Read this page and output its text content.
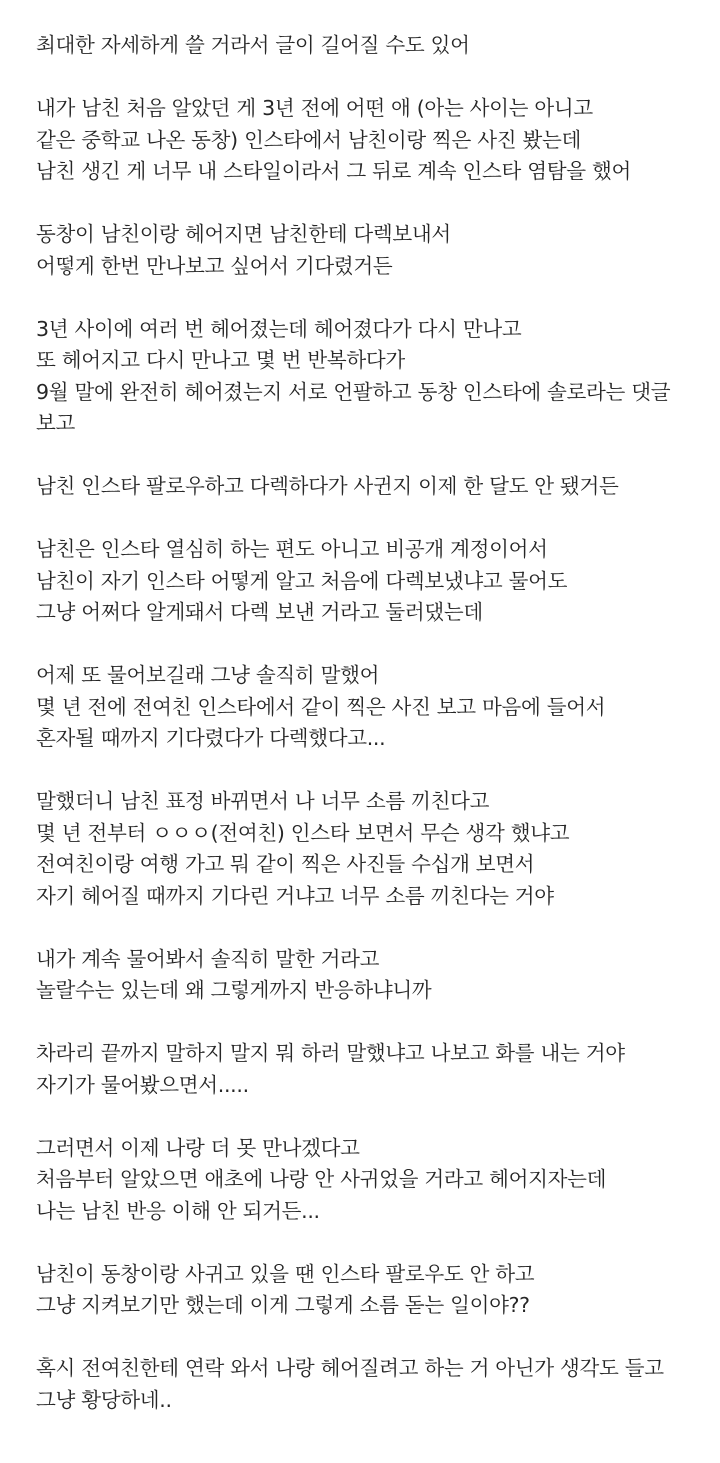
최대한 자세하게 쓸 거라서 글이 길어질 수도 있어
내가 남친 처음 알았던 게 3년 전에 어떤 애 (아는 사이는 아니고
같은 중학교 나온 동창) 인스타에서 남친이랑 찍은 사진 봤는데
남친 생긴 게 너무 내 스타일이라서 그 뒤로 계속 인스타 염탐을 했어
동창이 남친이랑 헤어지면 남친한테 다렉보내서
어떻게 한번 만나보고 싶어서 기다렸거든
3년 사이에 여러 번 헤어졌는데 헤어졌다가 다시 만나고
또 헤어지고 다시 만나고 몇 번 반복하다가
9월 말에 완전히 헤어졌는지 서로 언팔하고 동창 인스타에 솔로라는 댓글
보고
남친 인스타 팔로우하고 다렉하다가 사귄지 이제 한 달도 안 됐거든
남친은 인스타 열심히 하는 편도 아니고 비공개 계정이어서
남친이 자기 인스타 어떻게 알고 처음에 다렉보냈냐고 물어도
그냥 어쩌다 알게돼서 다렉 보낸 거라고 둘러댔는데
어제 또 물어보길래 그냥 솔직히 말했어
몇 년 전에 전여친 인스타에서 같이 찍은 사진 보고 마음에 들어서
혼자될 때까지 기다렸다가 다렉했다고...
말했더니 남친 표정 바뀌면서 나 너무 소름 끼친다고
몇 년 전부터 ㅇㅇㅇ(전여친) 인스타 보면서 무슨 생각 했냐고
전여친이랑 여행 가고 뭐 같이 찍은 사진들 수십개 보면서
자기 헤어질 때까지 기다린 거냐고 너무 소름 끼친다는 거야
내가 계속 물어봐서 솔직히 말한 거라고
놀랄수는 있는데 왜 그렇게까지 반응하냐니까
차라리 끝까지 말하지 말지 뭐 하러 말했냐고 나보고 화를 내는 거야
자기가 물어봤으면서.....
그러면서 이제 나랑 더 못 만나겠다고
처음부터 알았으면 애초에 나랑 안 사귀었을 거라고 헤어지자는데
나는 남친 반응 이해 안 되거든...
남친이 동창이랑 사귀고 있을 땐 인스타 팔로우도 안 하고
그냥 지켜보기만 했는데 이게 그렇게 소름 돋는 일이야??
혹시 전여친한테 연락 와서 나랑 헤어질려고 하는 거 아닌가 생각도 들고
그냥 황당하네..
